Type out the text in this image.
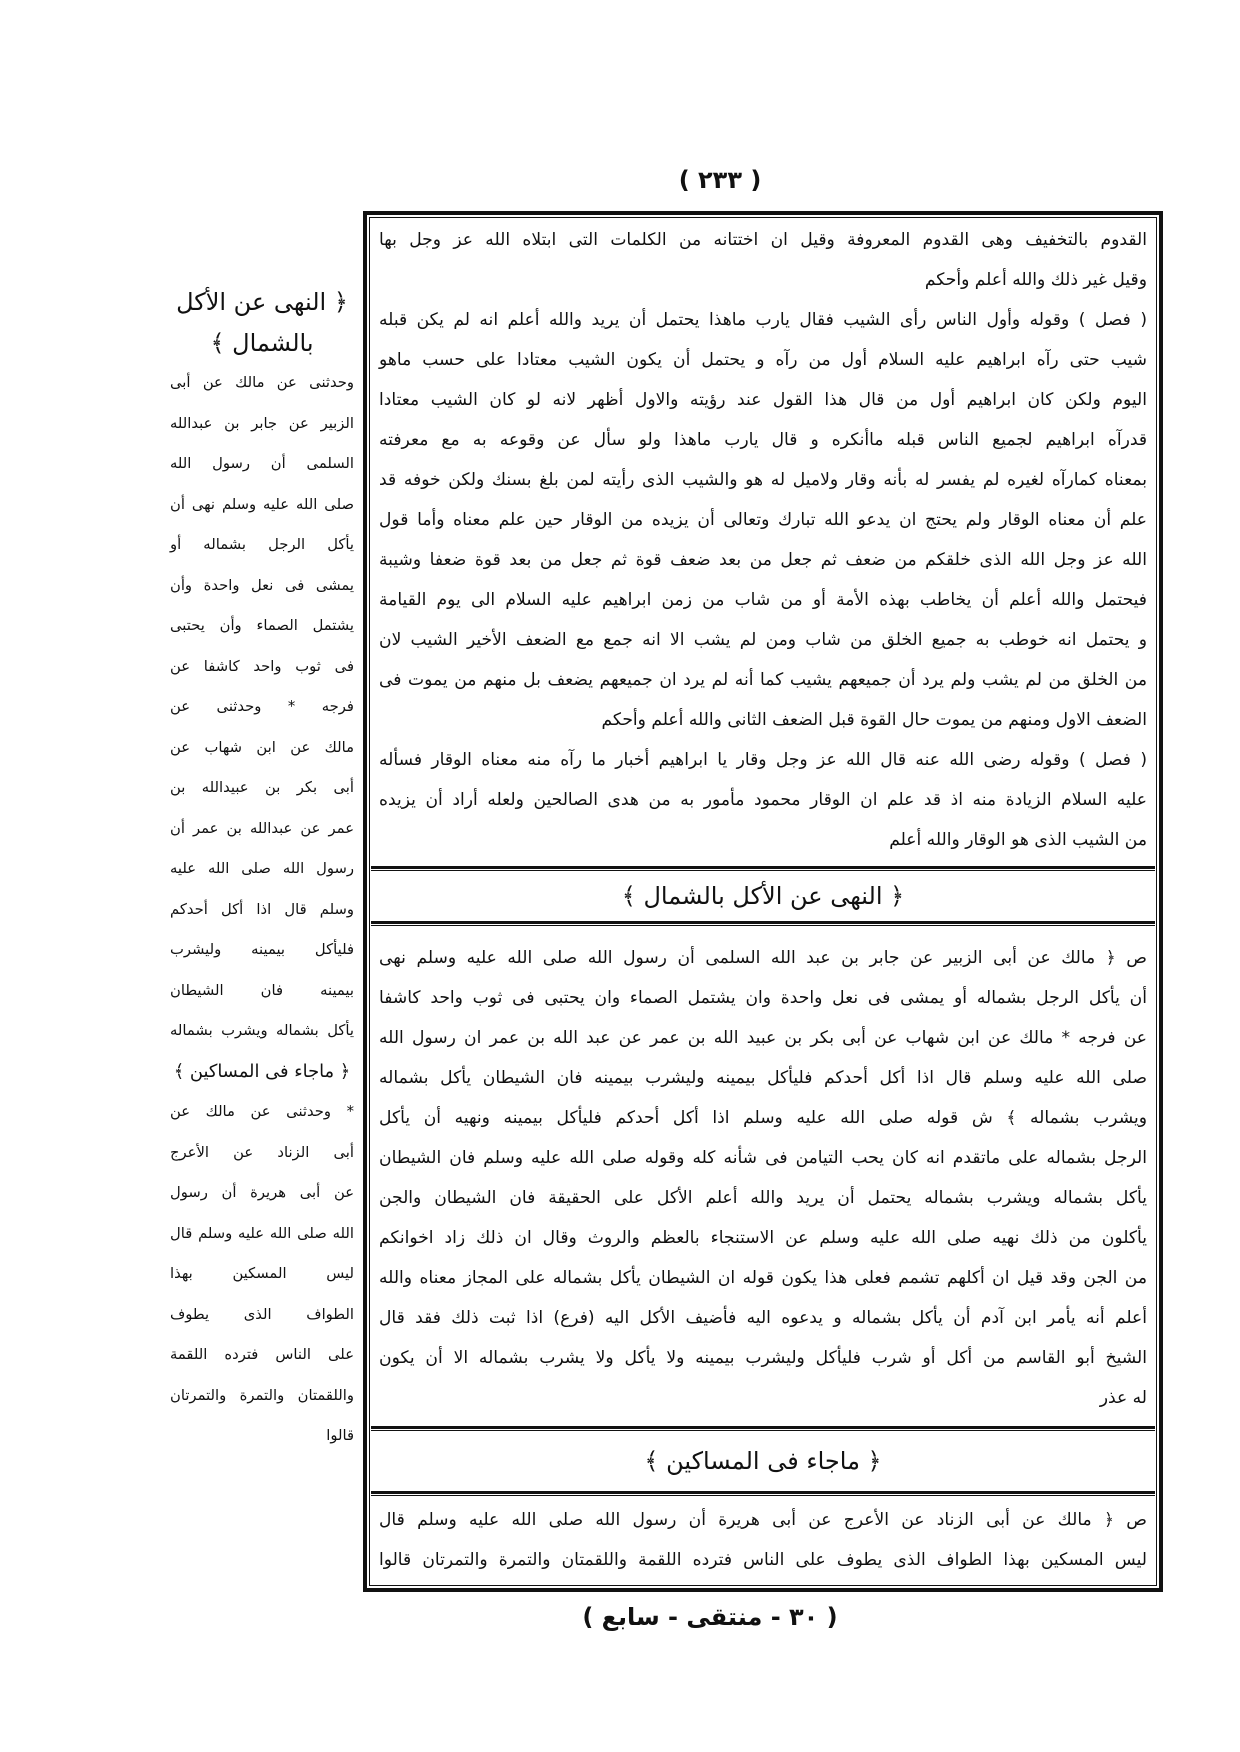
( ٢٣٣ )
﴿ النهى عن الأكل
بالشمال ﴾
وحدثنى عن مالك عن أبى
الزبير عن جابر بن عبدالله
السلمى أن رسول الله
صلى الله عليه وسلم نهى أن
يأكل الرجل بشماله أو
يمشى فى نعل واحدة وأن
يشتمل الصماء وأن يحتبى
فى ثوب واحد كاشفا عن
فرجه * وحدثنى عن
مالك عن ابن شهاب عن
أبى بكر بن عبيدالله بن
عمر عن عبدالله بن عمر أن
رسول الله صلى الله عليه
وسلم قال اذا أكل أحدكم
فليأكل بيمينه وليشرب
بيمينه فان الشيطان
يأكل بشماله ويشرب بشماله
﴿ ماجاء فى المساكين ﴾
* وحدثنى عن مالك عن
أبى الزناد عن الأعرج
عن أبى هريرة أن رسول
الله صلى الله عليه وسلم قال
ليس المسكين بهذا
الطواف الذى يطوف
على الناس فترده اللقمة
واللقمتان والتمرة والتمرتان
قالوا
القدوم بالتخفيف وهى القدوم المعروفة وقيل ان اختتانه من الكلمات التى ابتلاه الله عز وجل بها
وقيل غير ذلك والله أعلم وأحكم
( فصل ) وقوله وأول الناس رأى الشيب فقال يارب ماهذا يحتمل أن يريد والله أعلم انه لم يكن قبله
شيب حتى رآه ابراهيم عليه السلام أول من رآه و يحتمل أن يكون الشيب معتادا على حسب ماهو
اليوم ولكن كان ابراهيم أول من قال هذا القول عند رؤيته والاول أظهر لانه لو كان الشيب معتادا
قدرآه ابراهيم لجميع الناس قبله ماأنكره و قال يارب ماهذا ولو سأل عن وقوعه به مع معرفته
بمعناه كمارآه لغيره لم يفسر له بأنه وقار ولاميل له هو والشيب الذى رأيته لمن بلغ بسنك ولكن خوفه قد
علم أن معناه الوقار ولم يحتج ان يدعو الله تبارك وتعالى أن يزيده من الوقار حين علم معناه وأما قول
الله عز وجل الله الذى خلقكم من ضعف ثم جعل من بعد ضعف قوة ثم جعل من بعد قوة ضعفا وشيبة
فيحتمل والله أعلم أن يخاطب بهذه الأمة أو من شاب من زمن ابراهيم عليه السلام الى يوم القيامة
و يحتمل انه خوطب به جميع الخلق من شاب ومن لم يشب الا انه جمع مع الضعف الأخير الشيب لان
من الخلق من لم يشب ولم يرد أن جميعهم يشيب كما أنه لم يرد ان جميعهم يضعف بل منهم من يموت فى
الضعف الاول ومنهم من يموت حال القوة قبل الضعف الثانى والله أعلم وأحكم
( فصل ) وقوله رضى الله عنه قال الله عز وجل وقار يا ابراهيم أخبار ما رآه منه معناه الوقار فسأله
عليه السلام الزيادة منه اذ قد علم ان الوقار محمود مأمور به من هدى الصالحين ولعله أراد أن يزيده
من الشيب الذى هو الوقار والله أعلم
﴿ النهى عن الأكل بالشمال ﴾
ص ﴿ مالك عن أبى الزبير عن جابر بن عبد الله السلمى أن رسول الله صلى الله عليه وسلم نهى
أن يأكل الرجل بشماله أو يمشى فى نعل واحدة وان يشتمل الصماء وان يحتبى فى ثوب واحد كاشفا
عن فرجه * مالك عن ابن شهاب عن أبى بكر بن عبيد الله بن عمر عن عبد الله بن عمر ان رسول الله
صلى الله عليه وسلم قال اذا أكل أحدكم فليأكل بيمينه وليشرب بيمينه فان الشيطان يأكل بشماله
ويشرب بشماله ﴾ ش قوله صلى الله عليه وسلم اذا أكل أحدكم فليأكل بيمينه ونهيه أن يأكل
الرجل بشماله على ماتقدم انه كان يحب التيامن فى شأنه كله وقوله صلى الله عليه وسلم فان الشيطان
يأكل بشماله ويشرب بشماله يحتمل أن يريد والله أعلم الأكل على الحقيقة فان الشيطان والجن
يأكلون من ذلك نهيه صلى الله عليه وسلم عن الاستنجاء بالعظم والروث وقال ان ذلك زاد اخوانكم
من الجن وقد قيل ان أكلهم تشمم فعلى هذا يكون قوله ان الشيطان يأكل بشماله على المجاز معناه والله
أعلم أنه يأمر ابن آدم أن يأكل بشماله و يدعوه اليه فأضيف الأكل اليه (فرع) اذا ثبت ذلك فقد قال
الشيخ أبو القاسم من أكل أو شرب فليأكل وليشرب بيمينه ولا يأكل ولا يشرب بشماله الا أن يكون
له عذر
﴿ ماجاء فى المساكين ﴾
ص ﴿ مالك عن أبى الزناد عن الأعرج عن أبى هريرة أن رسول الله صلى الله عليه وسلم قال
ليس المسكين بهذا الطواف الذى يطوف على الناس فترده اللقمة واللقمتان والتمرة والتمرتان قالوا
( ٣٠ - منتقى - سابع )
